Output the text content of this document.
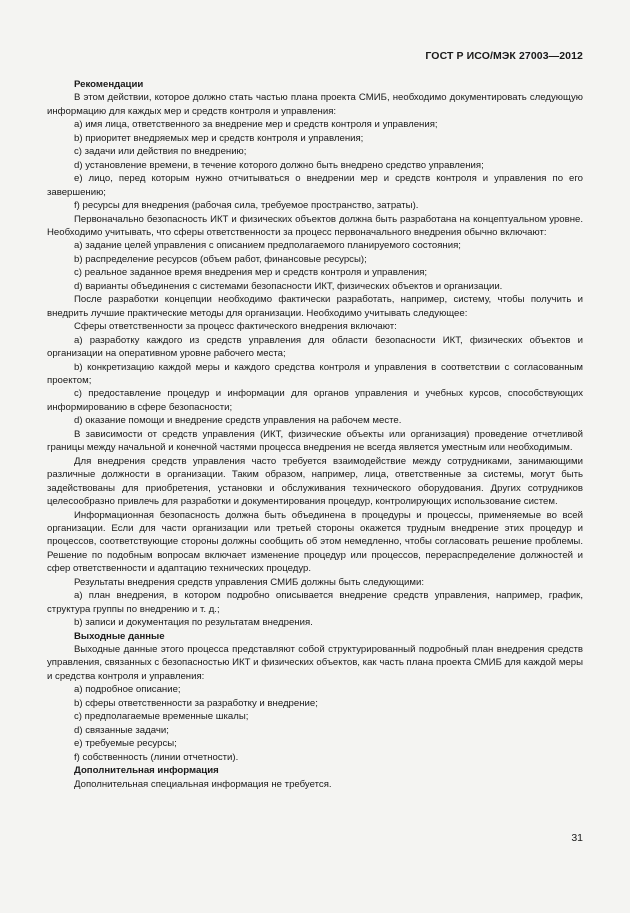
ГОСТ Р ИСО/МЭК 27003—2012

Рекомендации

В этом действии, которое должно стать частью плана проекта СМИБ, необходимо документировать следующую информацию для каждых мер и средств контроля и управления:

а) имя лица, ответственного за внедрение мер и средств контроля и управления;

b) приоритет внедряемых мер и средств контроля и управления;

c) задачи или действия по внедрению;

d) установление времени, в течение которого должно быть внедрено средство управления;

e) лицо, перед которым нужно отчитываться о внедрении мер и средств контроля и управления по его завершению;

f) ресурсы для внедрения (рабочая сила, требуемое пространство, затраты).

Первоначально безопасность ИКТ и физических объектов должна быть разработана на концептуальном уровне. Необходимо учитывать, что сферы ответственности за процесс первоначального внедрения обычно включают:

а) задание целей управления с описанием предполагаемого планируемого состояния;

b) распределение ресурсов (объем работ, финансовые ресурсы);

c) реальное заданное время внедрения мер и средств контроля и управления;

d) варианты объединения с системами безопасности ИКТ, физических объектов и организации.

После разработки концепции необходимо фактически разработать, например, систему, чтобы получить и внедрить лучшие практические методы для организации. Необходимо учитывать следующее:

Сферы ответственности за процесс фактического внедрения включают:

а) разработку каждого из средств управления для области безопасности ИКТ, физических объектов и организации на оперативном уровне рабочего места;

b) конкретизацию каждой меры и каждого средства контроля и управления в соответствии с согласованным проектом;

c) предоставление процедур и информации для органов управления и учебных курсов, способствующих информированию в сфере безопасности;

d) оказание помощи и внедрение средств управления на рабочем месте.

В зависимости от средств управления (ИКТ, физические объекты или организация) проведение отчетливой границы между начальной и конечной частями процесса внедрения не всегда является уместным или необходимым.

Для внедрения средств управления часто требуется взаимодействие между сотрудниками, занимающими различные должности в организации. Таким образом, например, лица, ответственные за системы, могут быть задействованы для приобретения, установки и обслуживания технического оборудования. Других сотрудников целесообразно привлечь для разработки и документирования процедур, контролирующих использование систем.

Информационная безопасность должна быть объединена в процедуры и процессы, применяемые во всей организации. Если для части организации или третьей стороны окажется трудным внедрение этих процедур и процессов, соответствующие стороны должны сообщить об этом немедленно, чтобы согласовать решение проблемы. Решение по подобным вопросам включает изменение процедур или процессов, перераспределение должностей и сфер ответственности и адаптацию технических процедур.

Результаты внедрения средств управления СМИБ должны быть следующими:

а) план внедрения, в котором подробно описывается внедрение средств управления, например, график, структура группы по внедрению и т. д.;

b) записи и документация по результатам внедрения.

Выходные данные

Выходные данные этого процесса представляют собой структурированный подробный план внедрения средств управления, связанных с безопасностью ИКТ и физических объектов, как часть плана проекта СМИБ для каждой меры и средства контроля и управления:

а) подробное описание;

b) сферы ответственности за разработку и внедрение;

c) предполагаемые временные шкалы;

d) связанные задачи;

e) требуемые ресурсы;

f) собственность (линии отчетности).

Дополнительная информация

Дополнительная специальная информация не требуется.

31
